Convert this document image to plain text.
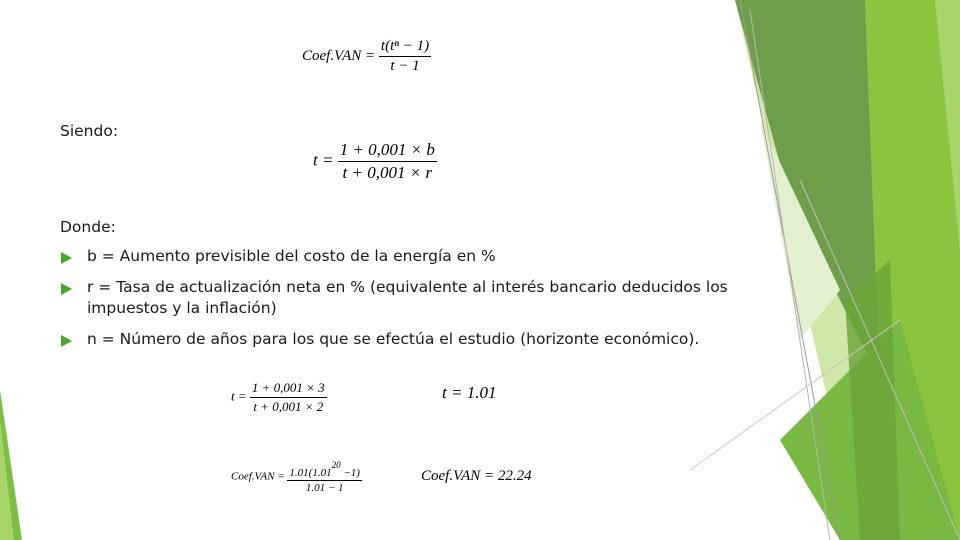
Coef.VAN = $\frac{\text{t(tⁿ − 1)}}{t - 1}$
Siendo:
$t = \frac{1 + 0,001 \times b}{t + 0,001 \times r}$
Donde:
b = Aumento previsible del costo de la energía en %
r = Tasa de actualización neta en % (equivalente al interés bancario deducidos los impuestos y la inflación)
n = Número de años para los que se efectúa el estudio (horizonte económico).
$t = \frac{1 + 0,001 \times 3}{t + 0,001 \times 2}$	t = 1.01
Coef.VAN = $\frac{1.01(1.01^{20} -1)}{1.01 - 1}$	Coef.VAN = 22.24
